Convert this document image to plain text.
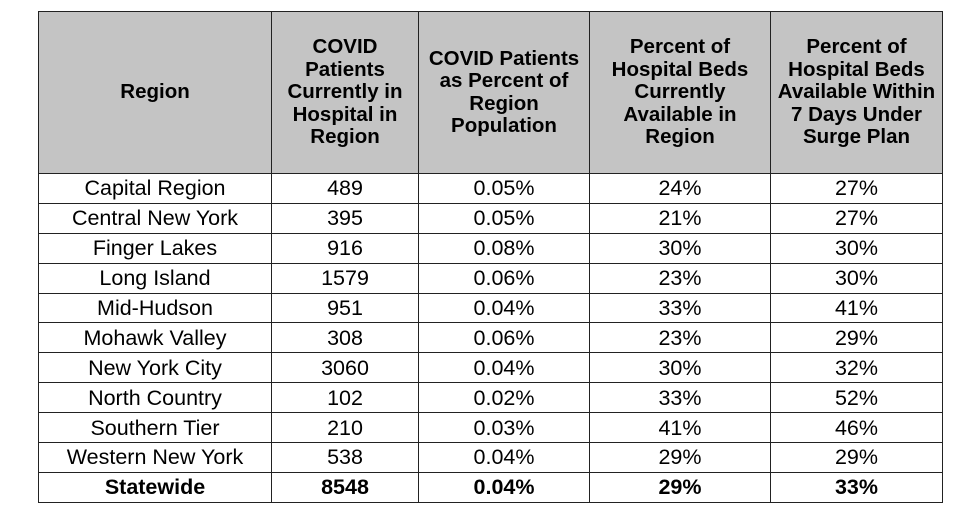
Region	COVID Patients Currently in Hospital in Region	COVID Patients as Percent of Region Population	Percent of Hospital Beds Currently Available in Region	Percent of Hospital Beds Available Within 7 Days Under Surge Plan

Capital Region	489	0.05%	24%	27%
Central New York	395	0.05%	21%	27%
Finger Lakes	916	0.08%	30%	30%
Long Island	1579	0.06%	23%	30%
Mid-Hudson	951	0.04%	33%	41%
Mohawk Valley	308	0.06%	23%	29%
New York City	3060	0.04%	30%	32%
North Country	102	0.02%	33%	52%
Southern Tier	210	0.03%	41%	46%
Western New York	538	0.04%	29%	29%
Statewide	8548	0.04%	29%	33%
